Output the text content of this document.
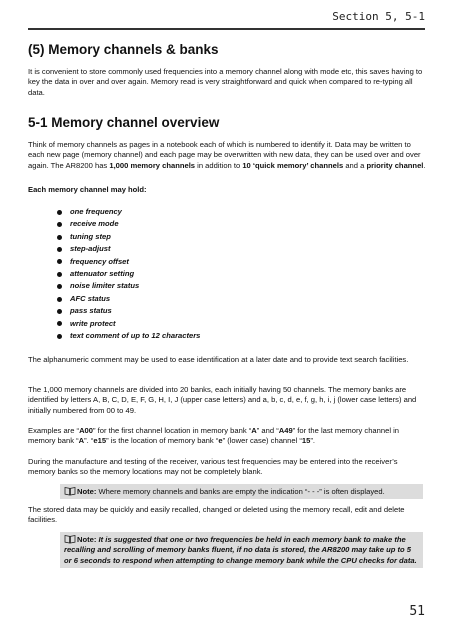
Section 5, 5-1
(5) Memory channels & banks
It is convenient to store commonly used frequencies into a memory channel along with mode etc, this saves having to key the data in over and over again. Memory read is very straightforward and quick when compared to re-typing all data.
5-1 Memory channel overview
Think of memory channels as pages in a notebook each of which is numbered to identify it. Data may be written to each new page (memory channel) and each page may be overwritten with new data, they can be used over and over again. The AR8200 has 1,000 memory channels in addition to 10 ‘quick memory’ channels and a priority channel.
Each memory channel may hold:
one frequency
receive mode
tuning step
step-adjust
frequency offset
attenuator setting
noise limiter status
AFC status
pass status
write protect
text comment of up to 12 characters
The alphanumeric comment may be used to ease identification at a later date and to provide text search facilities.
The 1,000 memory channels are divided into 20 banks, each initially having 50 channels. The memory banks are identified by letters A, B, C, D, E, F, G, H, I, J (upper case letters) and a, b, c, d, e, f, g, h, i, j (lower case letters) and initially numbered from 00 to 49.
Examples are “A00” for the first channel location in memory bank “A” and “A49” for the last memory channel in memory bank “A”. “e15” is the location of memory bank “e” (lower case) channel “15”.
During the manufacture and testing of the receiver, various test frequencies may be entered into the receiver’s memory banks so the memory locations may not be completely blank.
Note: Where memory channels and banks are empty the indication “- - -” is often displayed.
The stored data may be quickly and easily recalled, changed or deleted using the memory recall, edit and delete facilities.
Note: It is suggested that one or two frequencies be held in each memory bank to make the recalling and scrolling of memory banks fluent, if no data is stored, the AR8200 may take up to 5 or 6 seconds to respond when attempting to change memory bank while the CPU checks for data.
51
